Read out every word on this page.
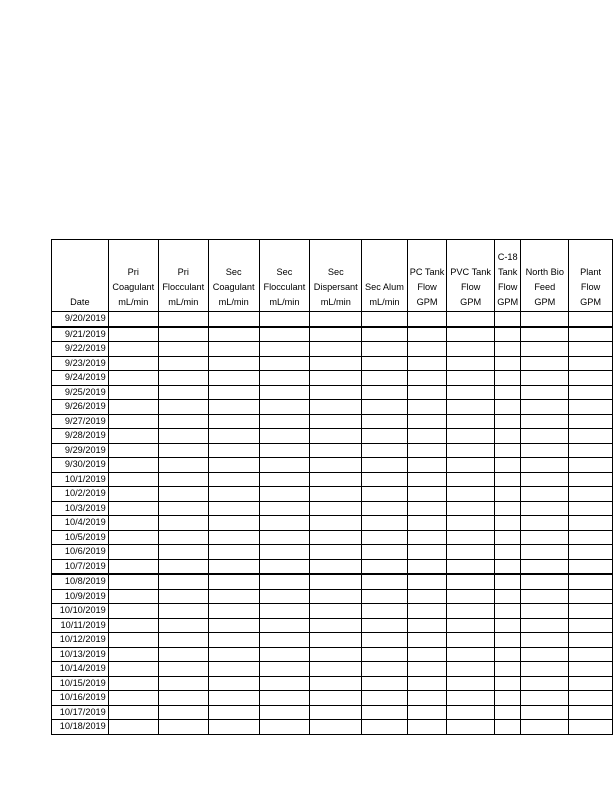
Date	Pri
Coagulant
mL/min	Pri
Flocculant
mL/min	Sec
Coagulant
mL/min	Sec
Flocculant
mL/min	Sec
Dispersant
mL/min	Sec Alum
mL/min	PC Tank
Flow
GPM	PVC Tank
Flow
GPM	C-18
Tank
Flow
GPM	North Bio
Feed
GPM	Plant
Flow
GPM

9/20/2019											
9/21/2019											
9/22/2019											
9/23/2019											
9/24/2019											
9/25/2019											
9/26/2019											
9/27/2019											
9/28/2019											
9/29/2019											
9/30/2019											
10/1/2019											
10/2/2019											
10/3/2019											
10/4/2019											
10/5/2019											
10/6/2019											
10/7/2019											
10/8/2019											
10/9/2019											
10/10/2019											
10/11/2019											
10/12/2019											
10/13/2019											
10/14/2019											
10/15/2019											
10/16/2019											
10/17/2019											
10/18/2019											
